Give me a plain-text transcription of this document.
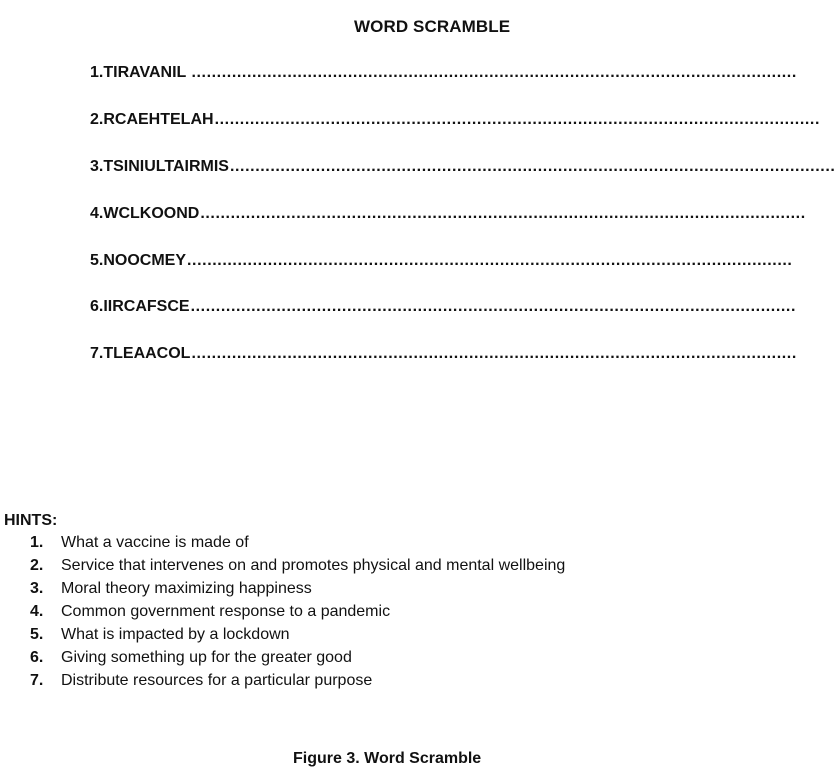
WORD SCRAMBLE
1. TIRAVANIL ........................................................................................................................
2. RCAEHTELAH ........................................................................................................................
3. TSINIULTAIRMIS ........................................................................................................................
4. WCLKOOND ........................................................................................................................
5. NOOCMEY ........................................................................................................................
6. IIRCAFSCE ........................................................................................................................
7. TLEAACOL ........................................................................................................................
HINTS:
1.	What a vaccine is made of
2.	Service that intervenes on and promotes physical and mental wellbeing
3.	Moral theory maximizing happiness
4.	Common government response to a pandemic
5.	What is impacted by a lockdown
6.	Giving something up for the greater good
7.	Distribute resources for a particular purpose
Figure 3. Word Scramble
